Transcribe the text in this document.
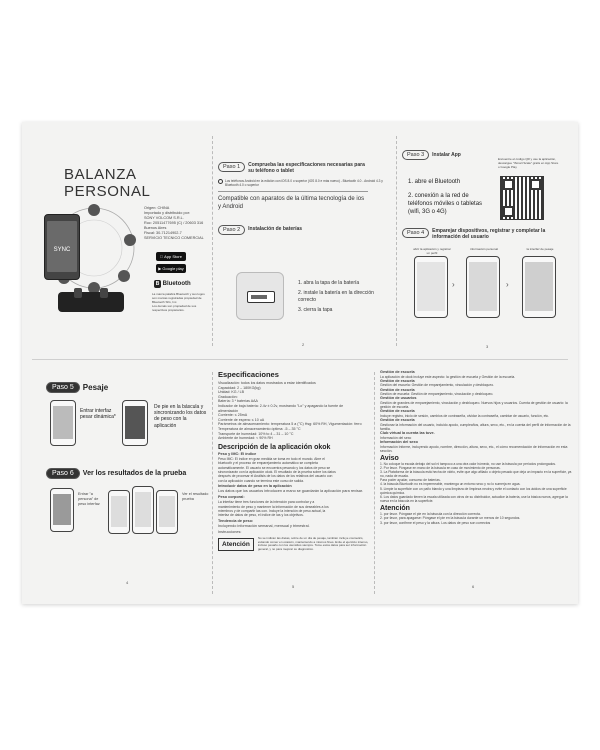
BALANZA PERSONAL
SYNC
Origen: CHINA
Importado y distribuido por:
SONY VOLCOM S.R.L.
Ruc: 20511477695 (C) / 20603 316
Buenos Aires
Fiscal: 30-71214902-7
SERVICIO TECNICO COMERCIAL
App Store
▶ Google play
B Bluetooth
La marca palabra Bluetooth y sus logos
son marcas registradas propiedad de Bluetooth SIG, Inc.
Los demás son propiedad de sus
respectivos propietarios.
Paso 1	Comprueba las especificaciones necesarias para su teléfono o tablet
Los teléfonos Android en la edición con iOS 8.0 o superior (iOS 8.0 e más nuevo) - Bluetooth 4.0 - Android 4.3 y Bluetooth 4.0 o superior
Compatible con aparatos de la última tecnología de ios y Android
Paso 2	Instalación de baterías
1. abra la tapa de la batería
2. instale la batería en la dirección correcto
3. cierra la tapa
2
Paso 3	Instalar App
Encuentre el código QR y use la aplicación, descargue "iSmart Scale" gratis en App Store o Google Play
1. abre el Bluetooth
2. conexión a la red de teléfonos móviles o tabletas (wifi, 3G o 4G)
Paso 4	Emparejar dispositivos, registrar y completar la información del usuario
abrir la aplicación y registrar un perfil
información personal	la interfaz de pesaje
›	›
3
Paso 5	Pesaje
Entrar interfaz pesar dinámica*
De pie en la báscula y sincronizando los datos de peso con la aplicación
Paso 6	Ver los resultados de la prueba
Entrar "a persona" de peso interfaz
Ver el resultado prueba
4
Especificaciones
Visualización: todos los datos mostrados a estar identificados
Capacidad: 2 – 180KG(kg)
Unidad: KG / LB
Graduación:
Batería: 3 * baterías AAA
Indicador de baja batería: 2.4v ± 0.2v, mostrando "Lo" y apagando la fuente de
alimentación
Corriente: ≤ 25mA
Corriente de espera: ≤ 10 uA
Parámetros de almacenamiento: temperatura 5 a (°C) Hsg: 60% RH, Vigumentación: ferro
Temperatura de almacenamiento óptima: -5 – 35 °C
Transporte de humedad: 10% to 4 – 31 – 10 °C
Ambiente de humedad: < 90% RH
Descripción de la aplicación okok
Peso y IMC: El índice
Peso IMC: El índice en gran medida se toma en todo el mundo. Abre el
bluetooth y el proceso de emparejamiento automático se completa
automáticamente. El usuario se encuentra pesando y los datos de peso se
sincronizarán con la aplicación okok. El resultado de la prueba sobre los datos
después de procesar el Análisis de los datos de los relativos del usuario con
con la aplicación cuando se termina este curso de salida.
Introducir datos de peso en la aplicación
Los datos que los usuarios introducen a mano se guardarán la aplicación para revisar.
Peso corporal:
La interfaz tiene tres funciones de la intención para controlar y a
mantenimiento de peso y mantener la información de sus deseables a los
miembros y de compartir las con. Incluye la intención de peso actual, la
interfaz de datos de peso, el índice de las y los objetivos.
Tendencia de peso:
Incluyendo información semanal, mensual y trimestral.
Instrucciones:
Atención
No se indican las dietas, sobre de un día de pesaje, también incluye cosmetics, evitando comer en ocasión, manteniendo a mismos fines. Evite el ejercicio intenso, incluso pesarlo con los utensilios siempre. Tome estos datos para ser información general, y no para mejorar su diagnóstico.
5
Gestión de escuela
La aplicación de okok incluye este aspecto: la gestión de escuela y Gestión de la escuela.
Gestión de escuela
Gestión del escuela: Gestión de emparejamiento, vinculación y desbloqueo.
Gestión de escuela
Gestión de escuela: Gestión de emparejamiento, vinculación y desbloqueo.
Gestión de usuarios
Gestión de grandes de emparejamiento, vinculación y desbloqueo. Nuevos hijos y usuarios. Cuenta de gestión de usuario: la gestión de escuela.
Gestión de escuela
Incluye registro, inicio de sesión, cambios de contraseña, olvidar la contraseña, cambiar de usuario, función, etc.
Gestión de escuela
Gestionar la información del usuario, incluido apodo, cumpleaños, altura, sexo, etc., en la cuenta del perfil de información de la familia.
Club virtual la cuenta las tuve.
Información del sexo
Información del sexo
Información Informe, incluyendo apodo, nombre, dirección, altura, sexo, etc., el cómo recomendación de información en esta sección.
Aviso
1. No coloque la escala debajo del sol ni tampoco a una otra calor húmedo, no use la báscula por periodos prolongados.
2. Por favor. Póngase en mano de la báscula en caso de movimiento de personas.
3. La Plataforma de la báscula está hecha de vidrio, evite que algo afilado o objeto pesado que deja un impacto en la superficie, ya no, nada de escala.
Para poder ayudar, consumo de baterías.
4. la báscula Bluetooth no es impermeable, mantenga un entorno seco y no lo sumerja en agua.
5. Limpie la superficie con un paño blando y una limpieza de limpieza neutra y evite el contacto con los ácidos de una superficie química química.
6. Los datos guardado tienen la escala utilizada con otros de su distribuidor, actualice la batería, use la básica nueva, agregue la nueva en la báscula en la superficie.
Atención
1. por favor. Póngase el pie en la báscula con la dirección correcta.
2. por favor, para apagarse: Póngase el pie en la báscula durante un menos de 10 segundos.
3. por favor, confirme el peso y la altura. Los datos de peso son correctos
6
